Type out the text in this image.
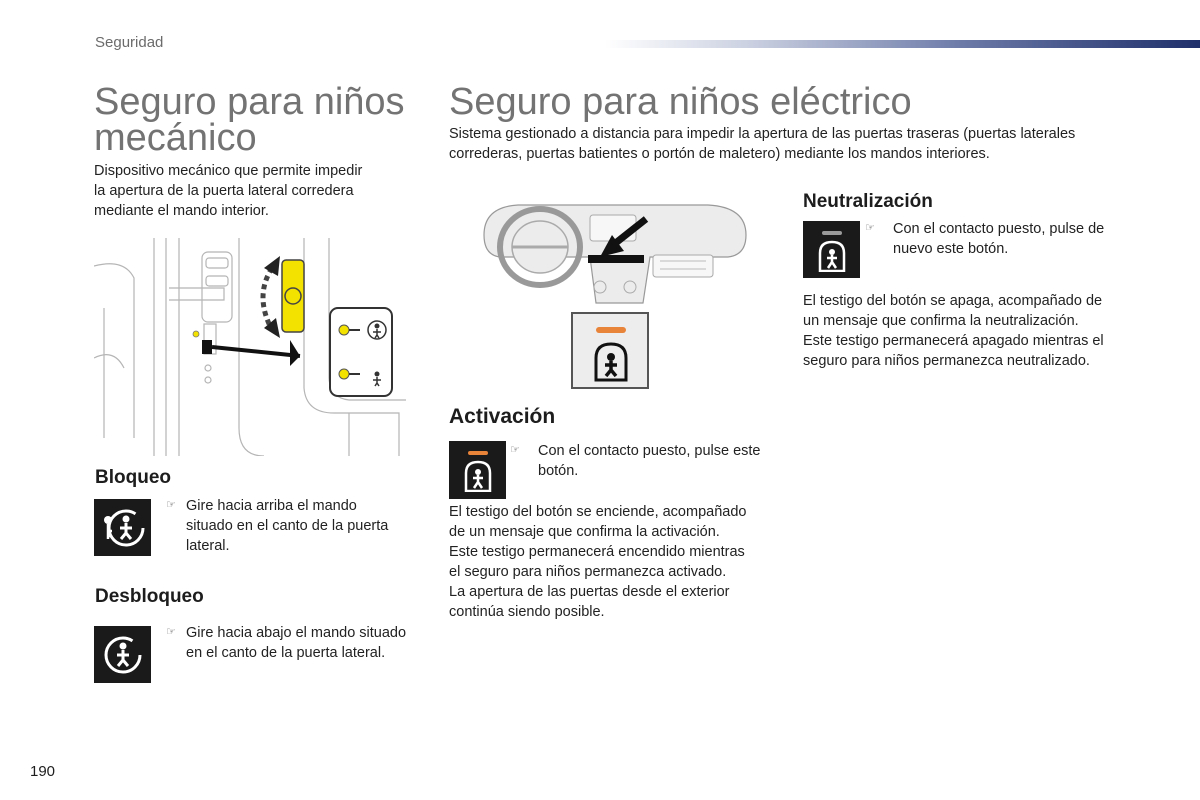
Seguridad
Seguro para niños
mecánico

Dispositivo mecánico que permite impedir

la apertura de la puerta lateral corredera

mediante el mando interior.

Bloqueo
☞ Gire hacia arriba el mando
situado en el canto de la puerta
lateral.
Desbloqueo
☞ Gire hacia abajo el mando situado
en el canto de la puerta lateral.
Seguro para niños eléctrico

Sistema gestionado a distancia para impedir la apertura de las puertas traseras (puertas laterales

correderas, puertas batientes o portón de maletero) mediante los mandos interiores.

Activación
☞	Con el contacto puesto, pulse este
botón.

El testigo del botón se enciende, acompañado

de un mensaje que confirma la activación.

Este testigo permanecerá encendido mientras

el seguro para niños permanezca activado.

La apertura de las puertas desde el exterior

continúa siendo posible.

Neutralización
☞	Con el contacto puesto, pulse de
nuevo este botón.

El testigo del botón se apaga, acompañado de

un mensaje que confirma la neutralización.

Este testigo permanecerá apagado mientras el

seguro para niños permanezca neutralizado.

190
